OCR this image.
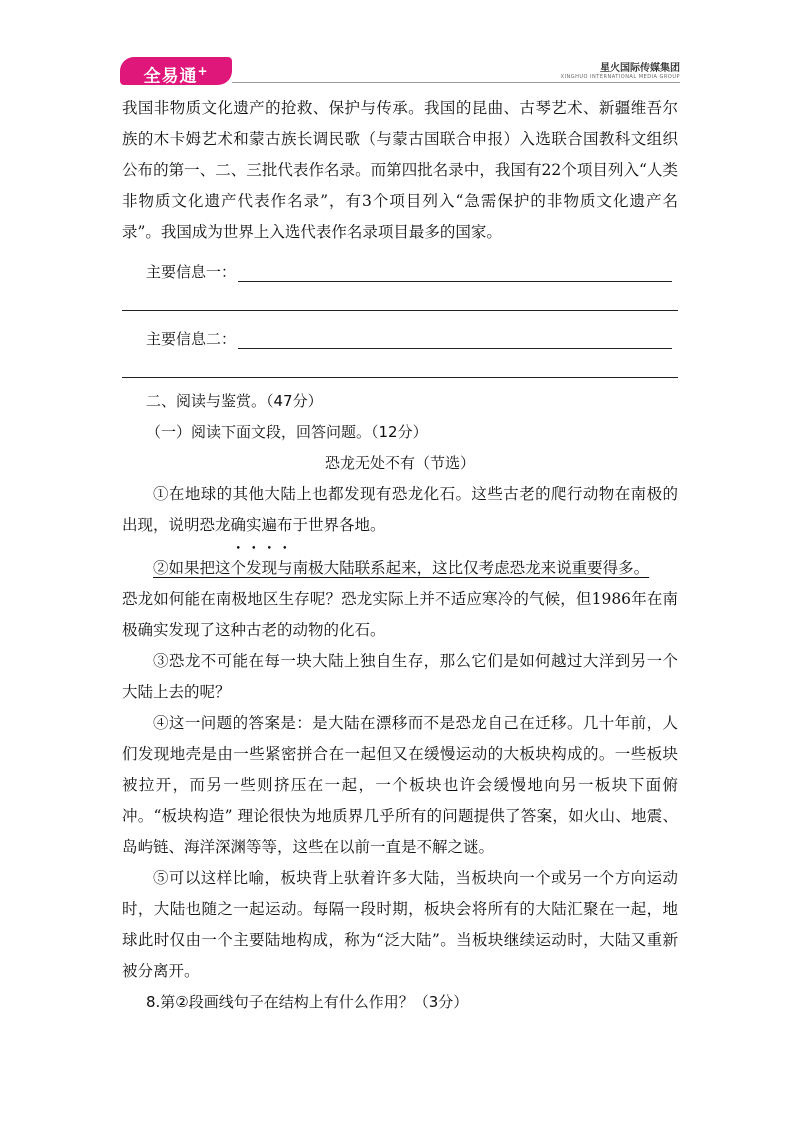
全易通+	星火国际传媒集团
XINGHUO INTERNATIONAL MEDIA GROUP

我国非物质文化遗产的抢救、保护与传承。我国的昆曲、古琴艺术、新疆维吾尔族的木卡姆艺术和蒙古族长调民歌（与蒙古国联合申报）入选联合国教科文组织公布的第一、二、三批代表作名录。而第四批名录中，我国有22个项目列入“人类非物质文化遗产代表作名录”，有3个项目列入“急需保护的非物质文化遗产名录”。我国成为世界上入选代表作名录项目最多的国家。

主要信息一：
主要信息二：
二、阅读与鉴赏。（47分）
（一）阅读下面文段，回答问题。（12分）
恐龙无处不有（节选）

①在地球的其他大陆上也都发现有恐龙化石。这些古老的爬行动物在南极的出现，说明恐龙确实遍布于世界各地。

②如果把这个发现与南极大陆联系起来，这比仅考虑恐龙来说重要得多。

恐龙如何能在南极地区生存呢？恐龙实际上并不适应寒冷的气候，但1986年在南极确实发现了这种古老的动物的化石。

③恐龙不可能在每一块大陆上独自生存，那么它们是如何越过大洋到另一个大陆上去的呢？

④这一问题的答案是：是大陆在漂移而不是恐龙自己在迁移。几十年前，人们发现地壳是由一些紧密拼合在一起但又在缓慢运动的大板块构成的。一些板块被拉开，而另一些则挤压在一起，一个板块也许会缓慢地向另一板块下面俯冲。“板块构造” 理论很快为地质界几乎所有的问题提供了答案，如火山、地震、岛屿链、海洋深渊等等，这些在以前一直是不解之谜。

⑤可以这样比喻，板块背上驮着许多大陆，当板块向一个或另一个方向运动时，大陆也随之一起运动。每隔一段时期，板块会将所有的大陆汇聚在一起，地球此时仅由一个主要陆地构成，称为“泛大陆”。当板块继续运动时，大陆又重新被分离开。

8.第②段画线句子在结构上有什么作用？（3分）
